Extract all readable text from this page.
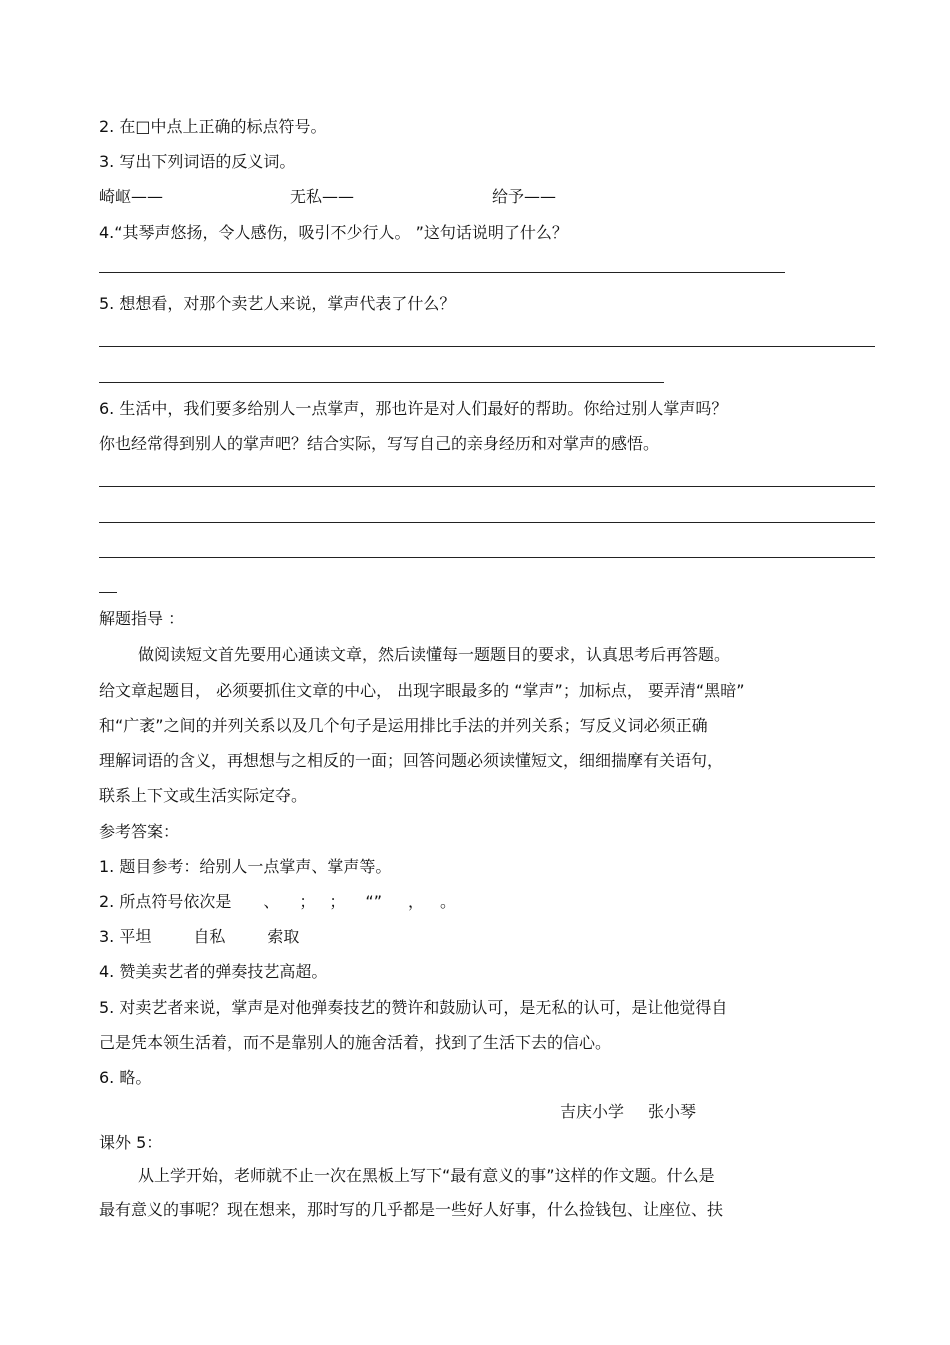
2. 在□中点上正确的标点符号。
3. 写出下列词语的反义词。
崎岖——	无私——	给予——
4.“其琴声悠扬，令人感伤，吸引不少行人。 ”这句话说明了什么？
5. 想想看，对那个卖艺人来说，掌声代表了什么？
6. 生活中，我们要多给别人一点掌声，那也许是对人们最好的帮助。你给过别人掌声吗？
你也经常得到别人的掌声吧？结合实际，写写自己的亲身经历和对掌声的感悟。
解题指导 ：
做阅读短文首先要用心通读文章，然后读懂每一题题目的要求，认真思考后再答题。
给文章起题目， 必须要抓住文章的中心， 出现字眼最多的 “掌声”；加标点， 要弄清“黑暗”
和“广袤”之间的并列关系以及几个句子是运用排比手法的并列关系；写反义词必须正确
理解词语的含义，再想想与之相反的一面；回答问题必须读懂短文，细细揣摩有关语句，
联系上下文或生活实际定夺。
参考答案：
1. 题目参考：给别人一点掌声、掌声等。
2. 所点符号依次是 、 ； ； “” ， 。
3. 平坦	自私	索取
4. 赞美卖艺者的弹奏技艺高超。
5. 对卖艺者来说，掌声是对他弹奏技艺的赞许和鼓励认可，是无私的认可，是让他觉得自
己是凭本领生活着，而不是靠别人的施舍活着，找到了生活下去的信心。
6. 略。
吉庆小学 张小琴
课外 5：
从上学开始，老师就不止一次在黑板上写下“最有意义的事”这样的作文题。什么是
最有意义的事呢？现在想来，那时写的几乎都是一些好人好事，什么捡钱包、让座位、扶
